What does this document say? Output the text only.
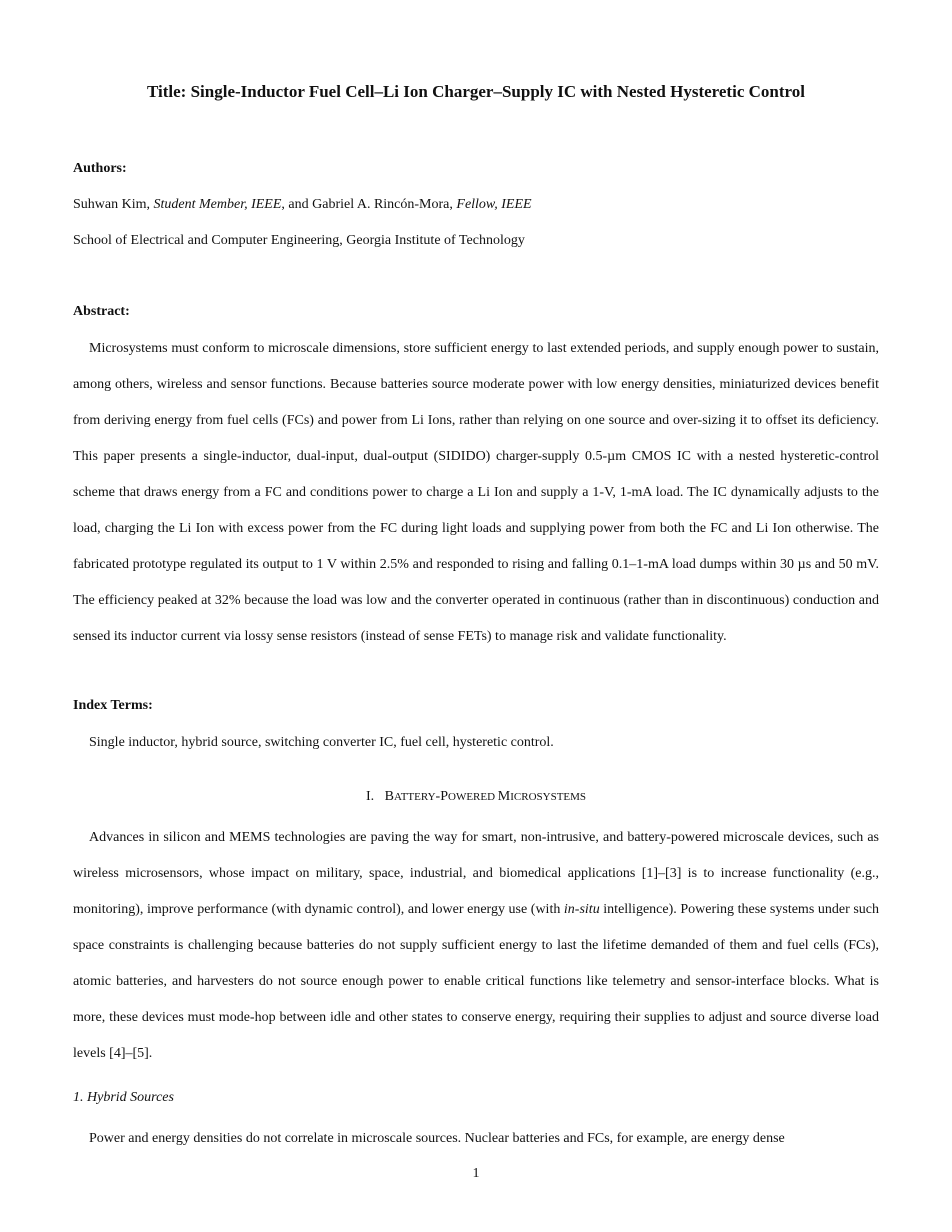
Title: Single-Inductor Fuel Cell–Li Ion Charger–Supply IC with Nested Hysteretic Control
Authors:
Suhwan Kim, Student Member, IEEE, and Gabriel A. Rincón-Mora, Fellow, IEEE
School of Electrical and Computer Engineering, Georgia Institute of Technology
Abstract:
Microsystems must conform to microscale dimensions, store sufficient energy to last extended periods, and supply enough power to sustain, among others, wireless and sensor functions. Because batteries source moderate power with low energy densities, miniaturized devices benefit from deriving energy from fuel cells (FCs) and power from Li Ions, rather than relying on one source and over-sizing it to offset its deficiency. This paper presents a single-inductor, dual-input, dual-output (SIDIDO) charger-supply 0.5-µm CMOS IC with a nested hysteretic-control scheme that draws energy from a FC and conditions power to charge a Li Ion and supply a 1-V, 1-mA load. The IC dynamically adjusts to the load, charging the Li Ion with excess power from the FC during light loads and supplying power from both the FC and Li Ion otherwise. The fabricated prototype regulated its output to 1 V within 2.5% and responded to rising and falling 0.1–1-mA load dumps within 30 µs and 50 mV. The efficiency peaked at 32% because the load was low and the converter operated in continuous (rather than in discontinuous) conduction and sensed its inductor current via lossy sense resistors (instead of sense FETs) to manage risk and validate functionality.
Index Terms:
Single inductor, hybrid source, switching converter IC, fuel cell, hysteretic control.
I. BATTERY-POWERED MICROSYSTEMS
Advances in silicon and MEMS technologies are paving the way for smart, non-intrusive, and battery-powered microscale devices, such as wireless microsensors, whose impact on military, space, industrial, and biomedical applications [1]–[3] is to increase functionality (e.g., monitoring), improve performance (with dynamic control), and lower energy use (with in-situ intelligence). Powering these systems under such space constraints is challenging because batteries do not supply sufficient energy to last the lifetime demanded of them and fuel cells (FCs), atomic batteries, and harvesters do not source enough power to enable critical functions like telemetry and sensor-interface blocks. What is more, these devices must mode-hop between idle and other states to conserve energy, requiring their supplies to adjust and source diverse load levels [4]–[5].
1. Hybrid Sources
Power and energy densities do not correlate in microscale sources. Nuclear batteries and FCs, for example, are energy dense
1
